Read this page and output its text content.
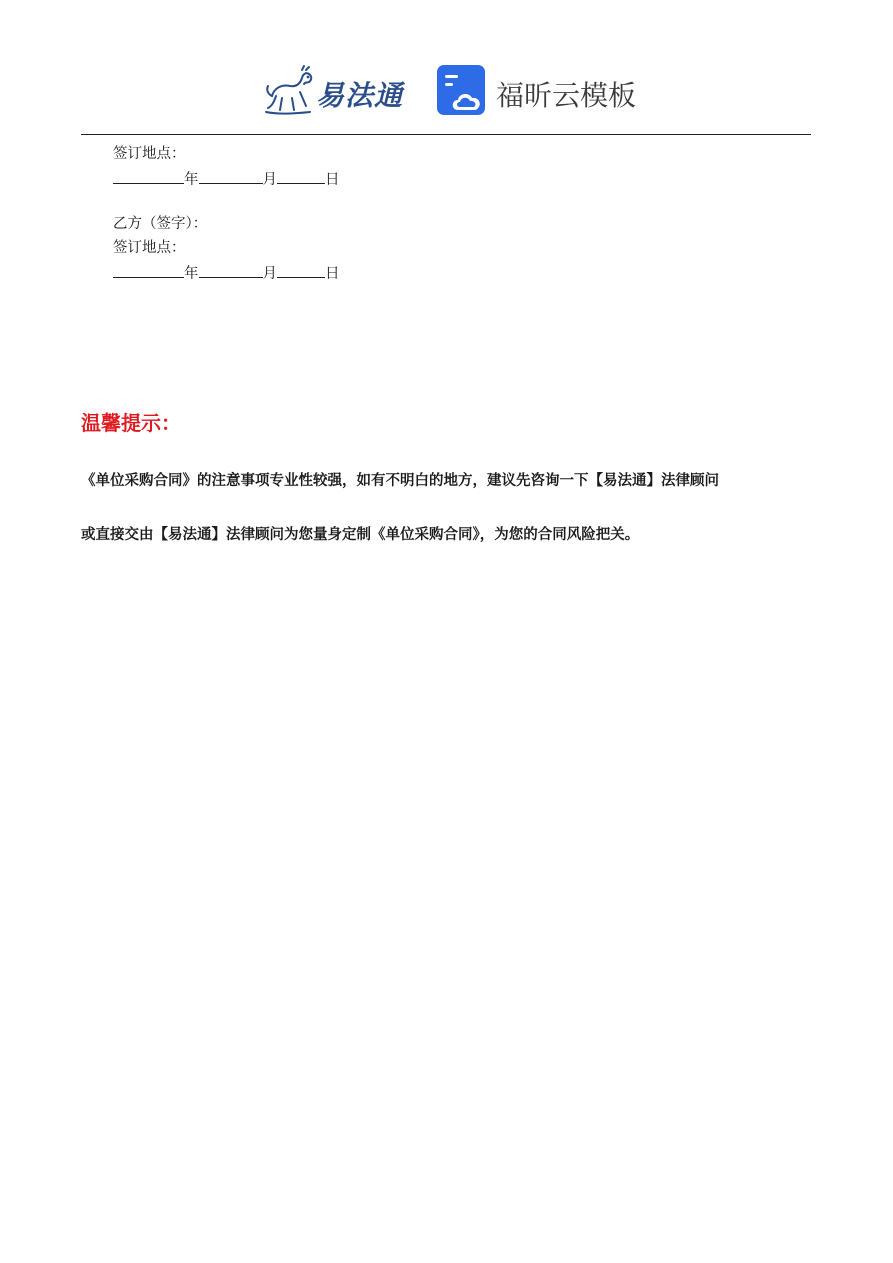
易法通	福昕云模板
签订地点：
年	月	日
乙方（签字）：
签订地点：
年	月	日
温馨提示：
《单位采购合同》的注意事项专业性较强，如有不明白的地方，建议先咨询一下【易法通】法律顾问
或直接交由【易法通】法律顾问为您量身定制《单位采购合同》，为您的合同风险把关。
